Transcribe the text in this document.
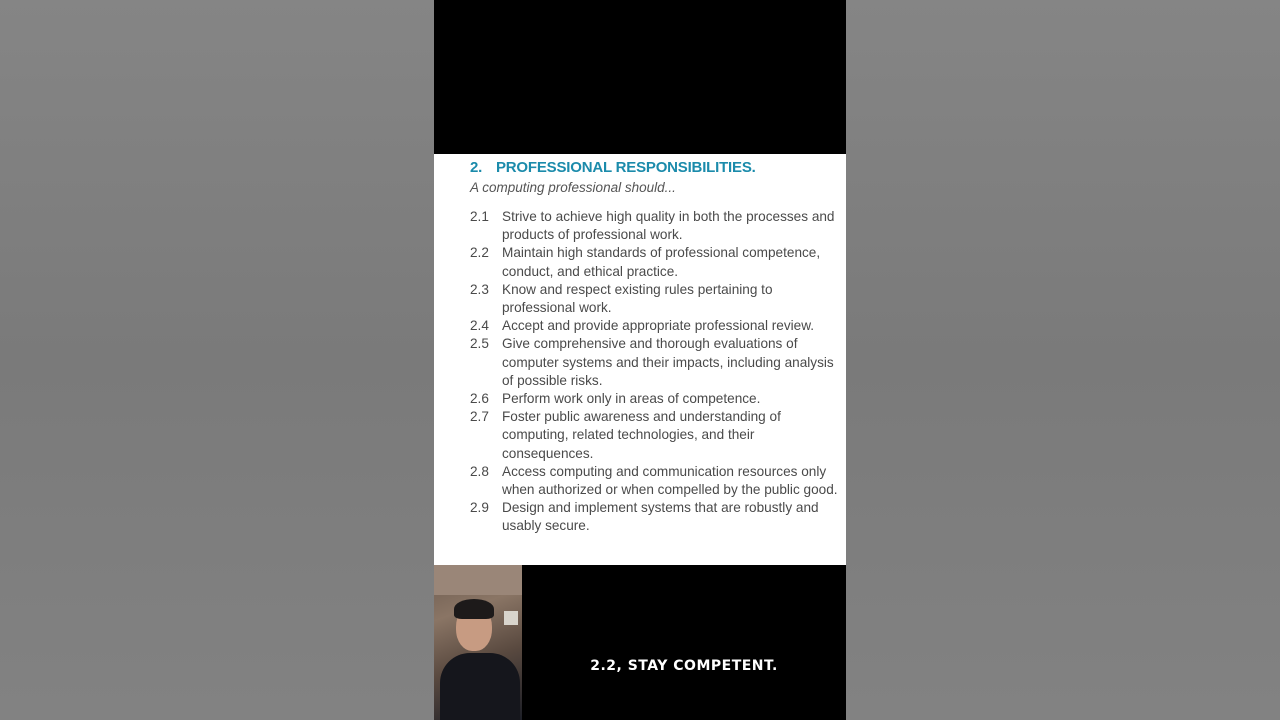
2. PROFESSIONAL RESPONSIBILITIES.
A computing professional should...
2.1 Strive to achieve high quality in both the processes and products of professional work.
2.2 Maintain high standards of professional competence, conduct, and ethical practice.
2.3 Know and respect existing rules pertaining to professional work.
2.4 Accept and provide appropriate professional review.
2.5 Give comprehensive and thorough evaluations of computer systems and their impacts, including analysis of possible risks.
2.6 Perform work only in areas of competence.
2.7 Foster public awareness and understanding of computing, related technologies, and their consequences.
2.8 Access computing and communication resources only when authorized or when compelled by the public good.
2.9 Design and implement systems that are robustly and usably secure.
2.2, STAY COMPETENT.
